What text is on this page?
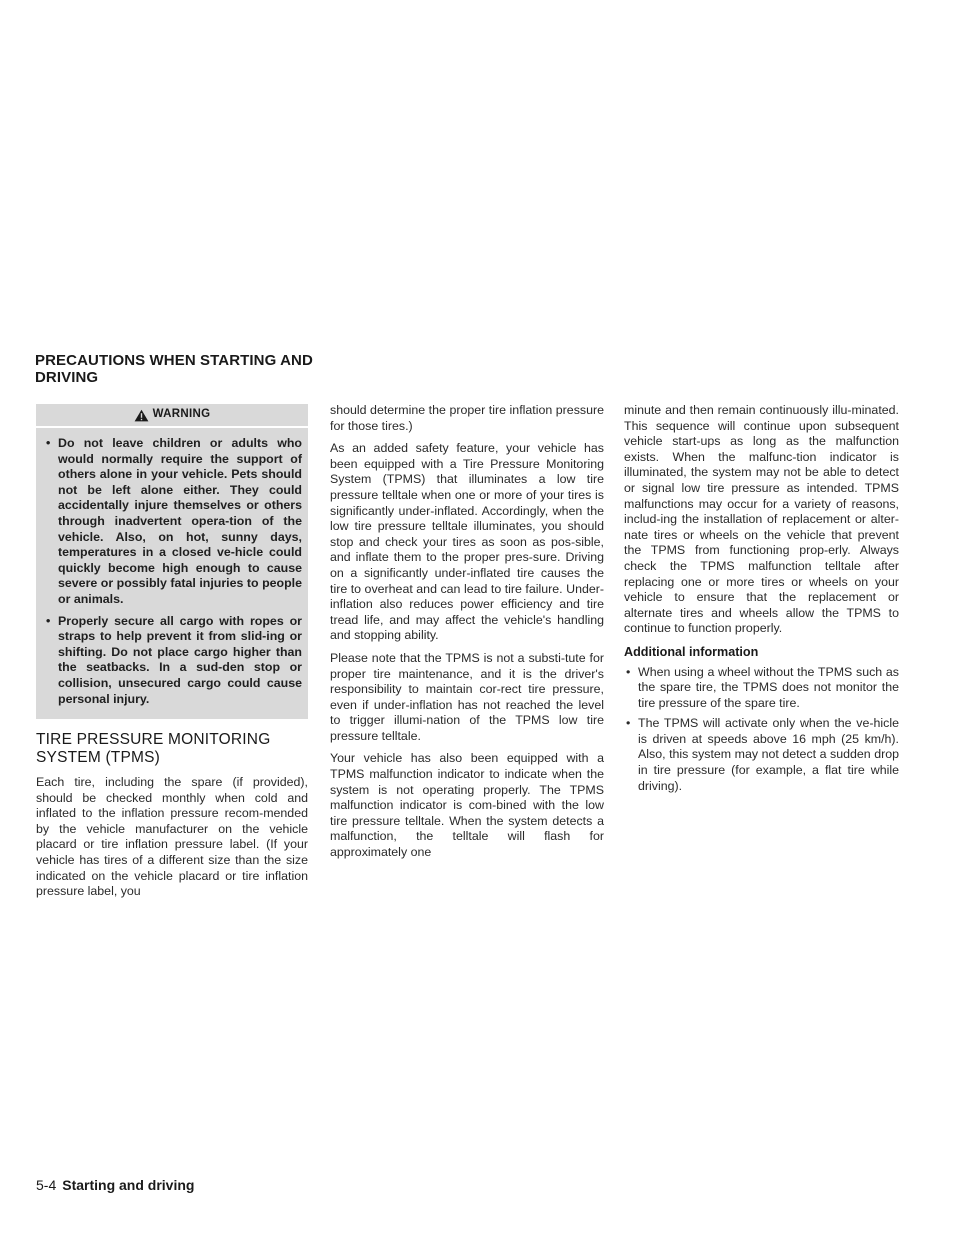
PRECAUTIONS WHEN STARTING AND
DRIVING
WARNING
• Do not leave children or adults who would normally require the support of others alone in your vehicle. Pets should not be left alone either. They could accidentally injure themselves or others through inadvertent opera-tion of the vehicle. Also, on hot, sunny days, temperatures in a closed ve-hicle could quickly become high enough to cause severe or possibly fatal injuries to people or animals.
• Properly secure all cargo with ropes or straps to help prevent it from slid-ing or shifting. Do not place cargo higher than the seatbacks. In a sud-den stop or collision, unsecured cargo could cause personal injury.
TIRE PRESSURE MONITORING
SYSTEM (TPMS)

Each tire, including the spare (if provided), should be checked monthly when cold and inflated to the inflation pressure recom-mended by the vehicle manufacturer on the vehicle placard or tire inflation pressure label. (If your vehicle has tires of a different size than the size indicated on the vehicle placard or tire inflation pressure label, you

should determine the proper tire inflation pressure for those tires.)

As an added safety feature, your vehicle has been equipped with a Tire Pressure Monitoring System (TPMS) that illuminates a low tire pressure telltale when one or more of your tires is significantly under-inflated. Accordingly, when the low tire pressure telltale illuminates, you should stop and check your tires as soon as pos-sible, and inflate them to the proper pres-sure. Driving on a significantly under-inflated tire causes the tire to overheat and can lead to tire failure. Under-inflation also reduces power efficiency and tire tread life, and may affect the vehicle's handling and stopping ability.

Please note that the TPMS is not a substi-tute for proper tire maintenance, and it is the driver's responsibility to maintain cor-rect tire pressure, even if under-inflation has not reached the level to trigger illumi-nation of the TPMS low tire pressure telltale.

Your vehicle has also been equipped with a TPMS malfunction indicator to indicate when the system is not operating properly. The TPMS malfunction indicator is com-bined with the low tire pressure telltale. When the system detects a malfunction, the telltale will flash for approximately one

minute and then remain continuously illu-minated. This sequence will continue upon subsequent vehicle start-ups as long as the malfunction exists. When the malfunc-tion indicator is illuminated, the system may not be able to detect or signal low tire pressure as intended. TPMS malfunctions may occur for a variety of reasons, includ-ing the installation of replacement or alter-nate tires or wheels on the vehicle that prevent the TPMS from functioning prop-erly. Always check the TPMS malfunction telltale after replacing one or more tires or wheels on your vehicle to ensure that the replacement or alternate tires and wheels allow the TPMS to continue to function properly.

Additional information
• When using a wheel without the TPMS such as the spare tire, the TPMS does not monitor the tire pressure of the spare tire.
• The TPMS will activate only when the ve-hicle is driven at speeds above 16 mph (25 km/h). Also, this system may not detect a sudden drop in tire pressure (for example, a flat tire while driving).
5-4 Starting and driving
